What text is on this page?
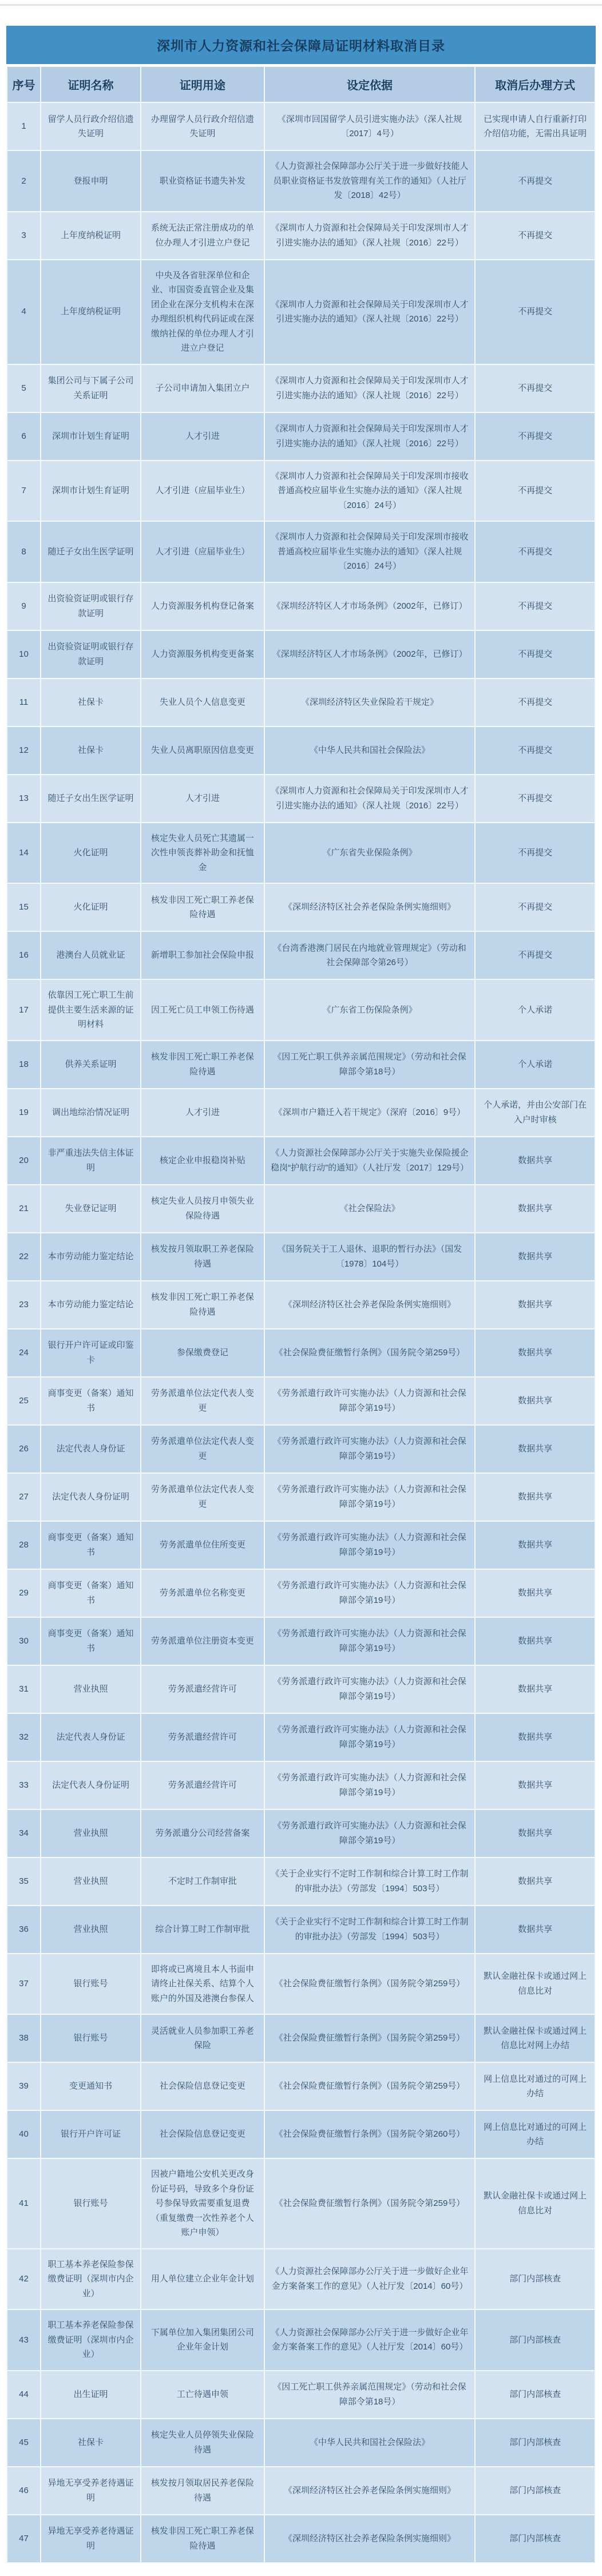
深圳市人力资源和社会保障局证明材料取消目录
序号	证明名称	证明用途	设定依据	取消后办理方式
1	留学人员行政介绍信遗失证明	办理留学人员行政介绍信遗失证明	《深圳市回国留学人员引进实施办法》（深人社规〔2017〕4号）	已实现申请人自行重新打印介绍信功能，无需出具证明
2	登报申明	职业资格证书遗失补发	《人力资源社会保障部办公厅关于进一步做好技能人员职业资格证书发放管理有关工作的通知》（人社厅发〔2018〕42号）	不再提交
3	上年度纳税证明	系统无法正常注册成功的单位办理人才引进立户登记	《深圳市人力资源和社会保障局关于印发深圳市人才引进实施办法的通知》（深人社规〔2016〕22号）	不再提交
4	上年度纳税证明	中央及各省驻深单位和企业、市国资委直管企业及集团企业在深分支机构未在深办理组织机构代码证或在深缴纳社保的单位办理人才引进立户登记	《深圳市人力资源和社会保障局关于印发深圳市人才引进实施办法的通知》（深人社规〔2016〕22号）	不再提交
5	集团公司与下属子公司关系证明	子公司申请加入集团立户	《深圳市人力资源和社会保障局关于印发深圳市人才引进实施办法的通知》（深人社规〔2016〕22号）	不再提交
6	深圳市计划生育证明	人才引进	《深圳市人力资源和社会保障局关于印发深圳市人才引进实施办法的通知》（深人社规〔2016〕22号）	不再提交
7	深圳市计划生育证明	人才引进（应届毕业生）	《深圳市人力资源和社会保障局关于印发深圳市接收普通高校应届毕业生实施办法的通知》（深人社规〔2016〕24号）	不再提交
8	随迁子女出生医学证明	人才引进（应届毕业生）	《深圳市人力资源和社会保障局关于印发深圳市接收普通高校应届毕业生实施办法的通知》（深人社规〔2016〕24号）	不再提交
9	出资验资证明或银行存款证明	人力资源服务机构登记备案	《深圳经济特区人才市场条例》（2002年，已修订）	不再提交
10	出资验资证明或银行存款证明	人力资源服务机构变更备案	《深圳经济特区人才市场条例》（2002年，已修订）	不再提交
11	社保卡	失业人员个人信息变更	《深圳经济特区失业保险若干规定》	不再提交
12	社保卡	失业人员离职原因信息变更	《中华人民共和国社会保险法》	不再提交
13	随迁子女出生医学证明	人才引进	《深圳市人力资源和社会保障局关于印发深圳市人才引进实施办法的通知》（深人社规〔2016〕22号）	不再提交
14	火化证明	核定失业人员死亡其遗属一次性申领丧葬补助金和抚恤金	《广东省失业保险条例》	不再提交
15	火化证明	核发非因工死亡职工养老保险待遇	《深圳经济特区社会养老保险条例实施细则》	不再提交
16	港澳台人员就业证	新增职工参加社会保险申报	《台湾香港澳门居民在内地就业管理规定》（劳动和社会保障部令第26号）	不再提交
17	依靠因工死亡职工生前提供主要生活来源的证明材料	因工死亡员工申领工伤待遇	《广东省工伤保险条例》	个人承诺
18	供养关系证明	核发非因工死亡职工养老保险待遇	《因工死亡职工供养亲属范围规定》（劳动和社会保障部令第18号）	个人承诺
19	调出地综治情况证明	人才引进	《深圳市户籍迁入若干规定》（深府〔2016〕9号）	个人承诺，并由公安部门在入户时审核
20	非严重违法失信主体证明	核定企业申报稳岗补贴	《人力资源社会保障部办公厅关于实施失业保险援企稳岗“护航行动”的通知》（人社厅发〔2017〕129号）	数据共享
21	失业登记证明	核定失业人员按月申领失业保险待遇	《社会保险法》	数据共享
22	本市劳动能力鉴定结论	核发按月领取职工养老保险待遇	《国务院关于工人退休、退职的暂行办法》（国发〔1978〕104号）	数据共享
23	本市劳动能力鉴定结论	核发非因工死亡职工养老保险待遇	《深圳经济特区社会养老保险条例实施细则》	数据共享
24	银行开户许可证或印鉴卡	参保缴费登记	《社会保险费征缴暂行条例》（国务院令第259号）	数据共享
25	商事变更（备案）通知书	劳务派遣单位法定代表人变更	《劳务派遣行政许可实施办法》（人力资源和社会保障部令第19号）	数据共享
26	法定代表人身份证	劳务派遣单位法定代表人变更	《劳务派遣行政许可实施办法》（人力资源和社会保障部令第19号）	数据共享
27	法定代表人身份证明	劳务派遣单位法定代表人变更	《劳务派遣行政许可实施办法》（人力资源和社会保障部令第19号）	数据共享
28	商事变更（备案）通知书	劳务派遣单位住所变更	《劳务派遣行政许可实施办法》（人力资源和社会保障部令第19号）	数据共享
29	商事变更（备案）通知书	劳务派遣单位名称变更	《劳务派遣行政许可实施办法》（人力资源和社会保障部令第19号）	数据共享
30	商事变更（备案）通知书	劳务派遣单位注册资本变更	《劳务派遣行政许可实施办法》（人力资源和社会保障部令第19号）	数据共享
31	营业执照	劳务派遣经营许可	《劳务派遣行政许可实施办法》（人力资源和社会保障部令第19号）	数据共享
32	法定代表人身份证	劳务派遣经营许可	《劳务派遣行政许可实施办法》（人力资源和社会保障部令第19号）	数据共享
33	法定代表人身份证明	劳务派遣经营许可	《劳务派遣行政许可实施办法》（人力资源和社会保障部令第19号）	数据共享
34	营业执照	劳务派遣分公司经营备案	《劳务派遣行政许可实施办法》（人力资源和社会保障部令第19号）	数据共享
35	营业执照	不定时工作制审批	《关于企业实行不定时工作制和综合计算工时工作制的审批办法》（劳部发〔1994〕503号）	数据共享
36	营业执照	综合计算工时工作制审批	《关于企业实行不定时工作制和综合计算工时工作制的审批办法》（劳部发〔1994〕503号）	数据共享
37	银行账号	即将或已离境且本人书面申请终止社保关系、结算个人账户的外国及港澳台参保人	《社会保险费征缴暂行条例》（国务院令第259号）	默认金融社保卡或通过网上信息比对
38	银行账号	灵活就业人员参加职工养老保险	《社会保险费征缴暂行条例》（国务院令第259号）	默认金融社保卡或通过网上信息比对网上办结
39	变更通知书	社会保险信息登记变更	《社会保险费征缴暂行条例》（国务院令第259号）	网上信息比对通过的可网上办结
40	银行开户许可证	社会保险信息登记变更	《社会保险费征缴暂行条例》（国务院令第260号）	网上信息比对通过的可网上办结
41	银行账号	因被户籍地公安机关更改身份证号码，导致多个身份证号参保导致需要重复退费（重复缴费一次性养老个人账户申领）	《社会保险费征缴暂行条例》（国务院令第259号）	默认金融社保卡或通过网上信息比对
42	职工基本养老保险参保缴费证明（深圳市内企业）	用人单位建立企业年金计划	《人力资源社会保障部办公厅关于进一步做好企业年金方案备案工作的意见》（人社厅发〔2014〕60号）	部门内部核查
43	职工基本养老保险参保缴费证明（深圳市内企业）	下属单位加入集团集团公司企业年金计划	《人力资源社会保障部办公厅关于进一步做好企业年金方案备案工作的意见》（人社厅发〔2014〕60号）	部门内部核查
44	出生证明	工亡待遇申领	《因工死亡职工供养亲属范围规定》（劳动和社会保障部令第18号）	部门内部核查
45	社保卡	核定失业人员停领失业保险待遇	《中华人民共和国社会保险法》	部门内部核查
46	异地无享受养老待遇证明	核发按月领取居民养老保险待遇	《深圳经济特区社会养老保险条例实施细则》	部门内部核查
47	异地无享受养老待遇证明	核发非因工死亡职工养老保险待遇	《深圳经济特区社会养老保险条例实施细则》	部门内部核查
